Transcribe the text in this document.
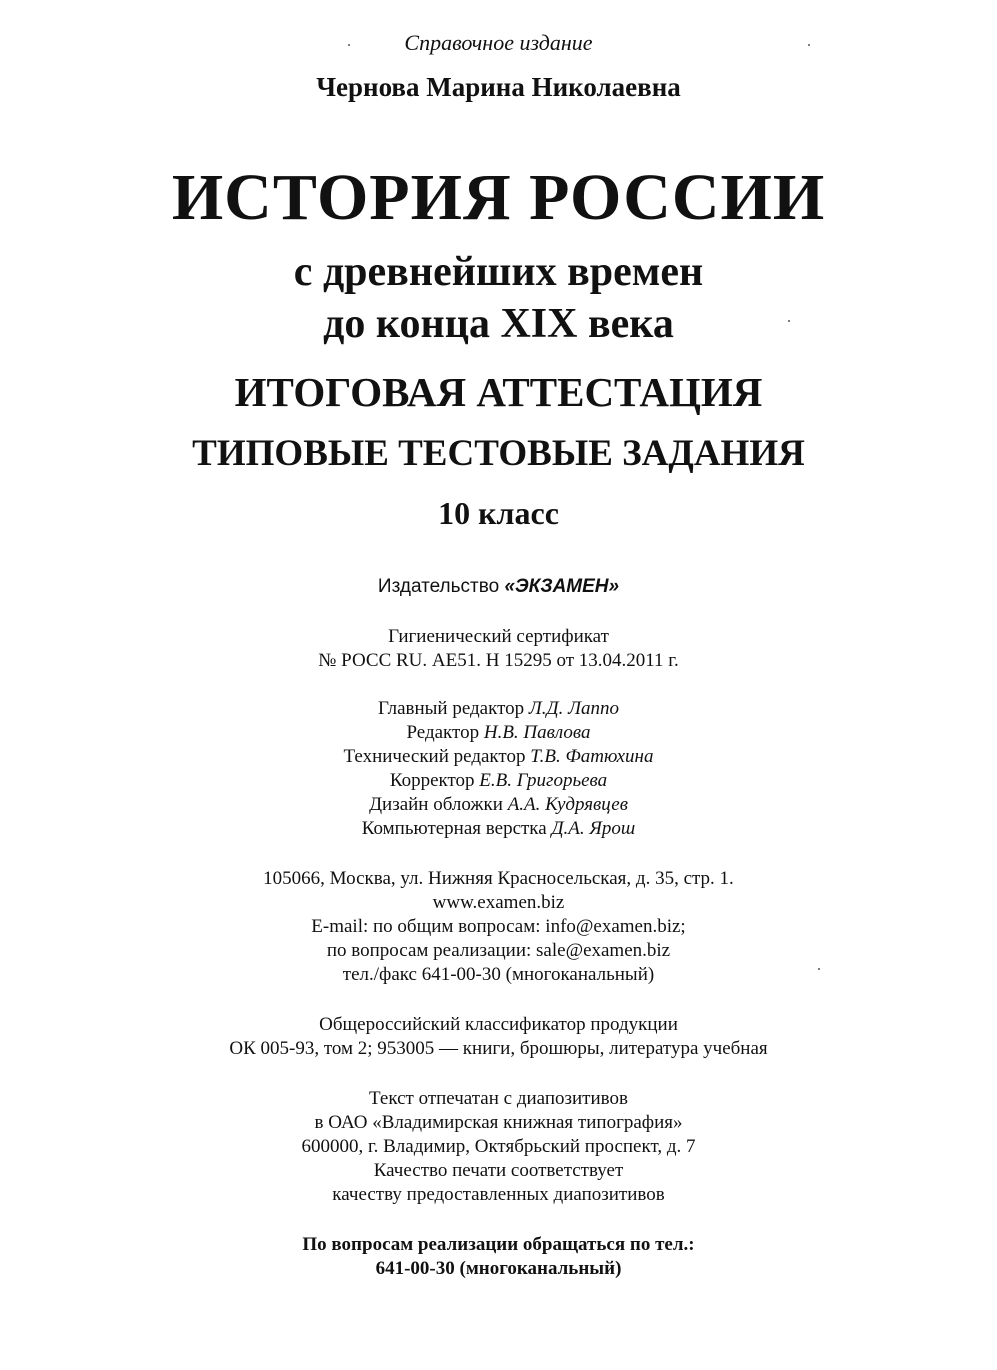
Справочное издание
Чернова Марина Николаевна
ИСТОРИЯ РОССИИ
с древнейших времен
до конца XIX века
ИТОГОВАЯ АТТЕСТАЦИЯ
ТИПОВЫЕ ТЕСТОВЫЕ ЗАДАНИЯ
10 класс
Издательство «ЭКЗАМЕН»
Гигиенический сертификат
№ РОСС RU. АЕ51. Н 15295 от 13.04.2011 г.
Главный редактор Л.Д. Лаппо
Редактор Н.В. Павлова
Технический редактор Т.В. Фатюхина
Корректор Е.В. Григорьева
Дизайн обложки А.А. Кудрявцев
Компьютерная верстка Д.А. Ярош
105066, Москва, ул. Нижняя Красносельская, д. 35, стр. 1.
www.examen.biz
E-mail: по общим вопросам: info@examen.biz;
по вопросам реализации: sale@examen.biz
тел./факс 641-00-30 (многоканальный)
Общероссийский классификатор продукции
ОК 005-93, том 2; 953005 — книги, брошюры, литература учебная
Текст отпечатан с диапозитивов
в ОАО «Владимирская книжная типография»
600000, г. Владимир, Октябрьский проспект, д. 7
Качество печати соответствует
качеству предоставленных диапозитивов
По вопросам реализации обращаться по тел.:
641-00-30 (многоканальный)
